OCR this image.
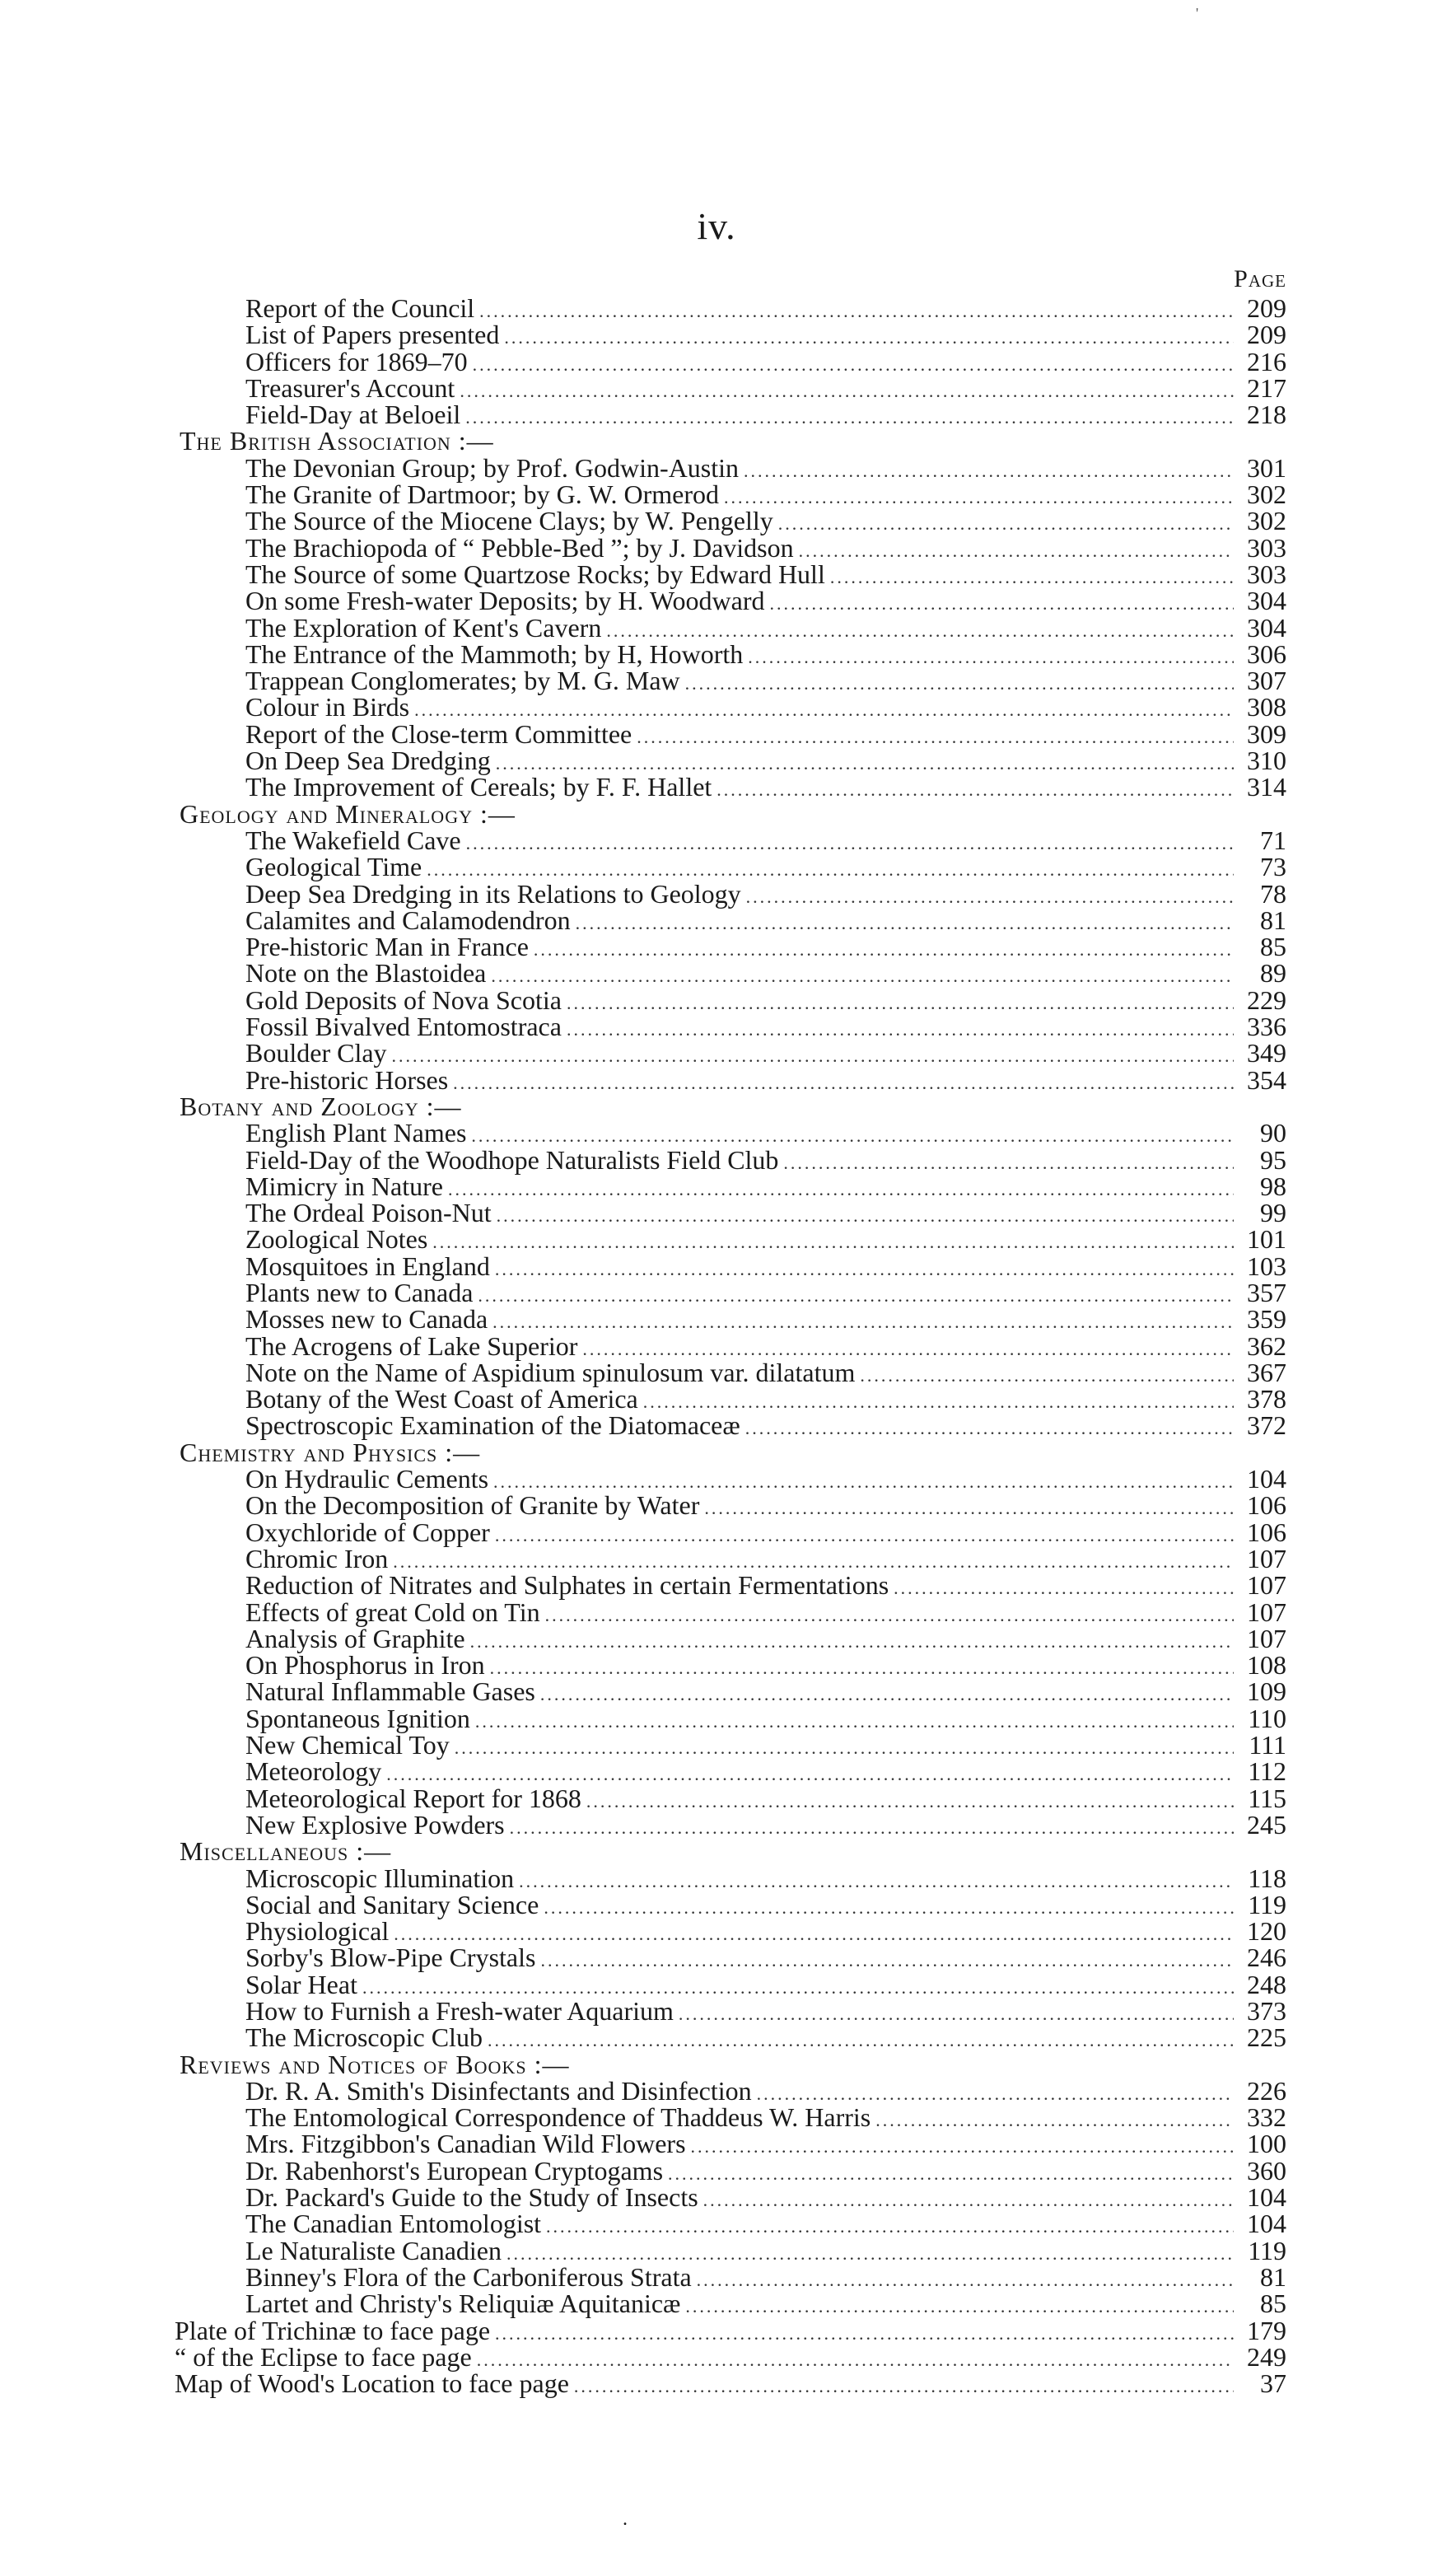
'
iv.
Page
Report of the Council .....	209
List of Papers presented .....	209
Officers for 1869–70 .....	216
Treasurer's Account .....	217
Field-Day at Beloeil .....	218
The British Association :—
The Devonian Group; by Prof. Godwin-Austin .....	301
The Granite of Dartmoor; by G. W. Ormerod .....	302
The Source of the Miocene Clays; by W. Pengelly .....	302
The Brachiopoda of “ Pebble-Bed ”; by J. Davidson .....	303
The Source of some Quartzose Rocks; by Edward Hull .....	303
On some Fresh-water Deposits; by H. Woodward .....	304
The Exploration of Kent's Cavern .....	304
The Entrance of the Mammoth; by H, Howorth .....	306
Trappean Conglomerates; by M. G. Maw .....	307
Colour in Birds .....	308
Report of the Close-term Committee .....	309
On Deep Sea Dredging .....	310
The Improvement of Cereals; by F. F. Hallet .....	314
Geology and Mineralogy :—
The Wakefield Cave .....	71
Geological Time .....	73
Deep Sea Dredging in its Relations to Geology .....	78
Calamites and Calamodendron .....	81
Pre-historic Man in France .....	85
Note on the Blastoidea .....	89
Gold Deposits of Nova Scotia .....	229
Fossil Bivalved Entomostraca .....	336
Boulder Clay .....	349
Pre-historic Horses .....	354
Botany and Zoology :—
English Plant Names .....	90
Field-Day of the Woodhope Naturalists Field Club .....	95
Mimicry in Nature .....	98
The Ordeal Poison-Nut .....	99
Zoological Notes .....	101
Mosquitoes in England .....	103
Plants new to Canada .....	357
Mosses new to Canada .....	359
The Acrogens of Lake Superior .....	362
Note on the Name of Aspidium spinulosum var. dilatatum .....	367
Botany of the West Coast of America .....	378
Spectroscopic Examination of the Diatomaceæ .....	372
Chemistry and Physics :—
On Hydraulic Cements .....	104
On the Decomposition of Granite by Water .....	106
Oxychloride of Copper .....	106
Chromic Iron .....	107
Reduction of Nitrates and Sulphates in certain Fermentations .....	107
Effects of great Cold on Tin .....	107
Analysis of Graphite .....	107
On Phosphorus in Iron .....	108
Natural Inflammable Gases .....	109
Spontaneous Ignition .....	110
New Chemical Toy .....	111
Meteorology .....	112
Meteorological Report for 1868 .....	115
New Explosive Powders .....	245
Miscellaneous :—
Microscopic Illumination .....	118
Social and Sanitary Science .....	119
Physiological .....	120
Sorby's Blow-Pipe Crystals .....	246
Solar Heat .....	248
How to Furnish a Fresh-water Aquarium .....	373
The Microscopic Club .....	225
Reviews and Notices of Books :—
Dr. R. A. Smith's Disinfectants and Disinfection .....	226
The Entomological Correspondence of Thaddeus W. Harris .....	332
Mrs. Fitzgibbon's Canadian Wild Flowers .....	100
Dr. Rabenhorst's European Cryptogams .....	360
Dr. Packard's Guide to the Study of Insects .....	104
The Canadian Entomologist .....	104
Le Naturaliste Canadien .....	119
Binney's Flora of the Carboniferous Strata .....	81
Lartet and Christy's Reliquiæ Aquitanicæ .....	85
Plate of Trichinæ to face page .....	179
“ of the Eclipse to face page .....	249
Map of Wood's Location to face page .....	37
.
